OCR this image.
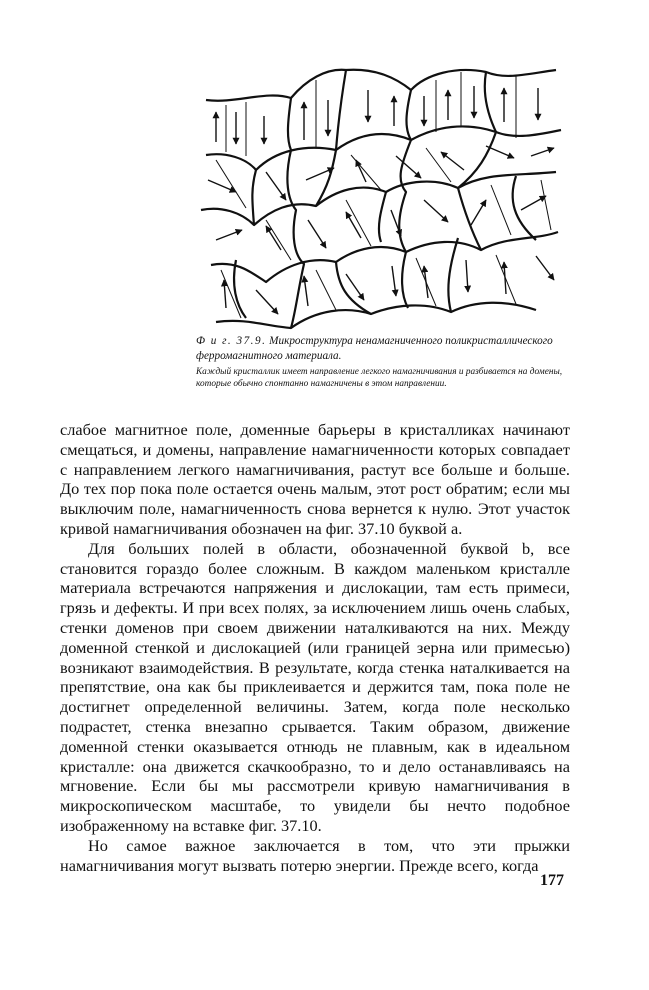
Ф и г. 37.9. Микроструктура ненамагниченного поликристаллического ферромагнитного материала.
Каждый кристаллик имеет направление легкого намагничивания и разбивается на домены, которые обычно спонтанно намагничены в этом направлении.

слабое магнитное поле, доменные барьеры в кристалликах начинают смещаться, и домены, направление намагниченности которых совпадает с направлением легкого намагничивания, растут все больше и больше. До тех пор пока поле остается очень малым, этот рост обратим; если мы выключим поле, намагниченность снова вернется к нулю. Этот участок кривой намагничивания обозначен на фиг. 37.10 буквой a.

Для больших полей в области, обозначенной буквой b, все становится гораздо более сложным. В каждом маленьком кристалле материала встречаются напряжения и дислокации, там есть примеси, грязь и дефекты. И при всех полях, за исключением лишь очень слабых, стенки доменов при своем движении наталкиваются на них. Между доменной стенкой и дислокацией (или границей зерна или примесью) возникают взаимодействия. В результате, когда стенка наталкивается на препятствие, она как бы приклеивается и держится там, пока поле не достигнет определенной величины. Затем, когда поле несколько подрастет, стенка внезапно срывается. Таким образом, движение доменной стенки оказывается отнюдь не плавным, как в идеальном кристалле: она движется скачкообразно, то и дело останавливаясь на мгновение. Если бы мы рассмотрели кривую намагничивания в микроскопическом масштабе, то увидели бы нечто подобное изображенному на вставке фиг. 37.10.

Но самое важное заключается в том, что эти прыжки намагничивания могут вызвать потерю энергии. Прежде всего, когда

177
